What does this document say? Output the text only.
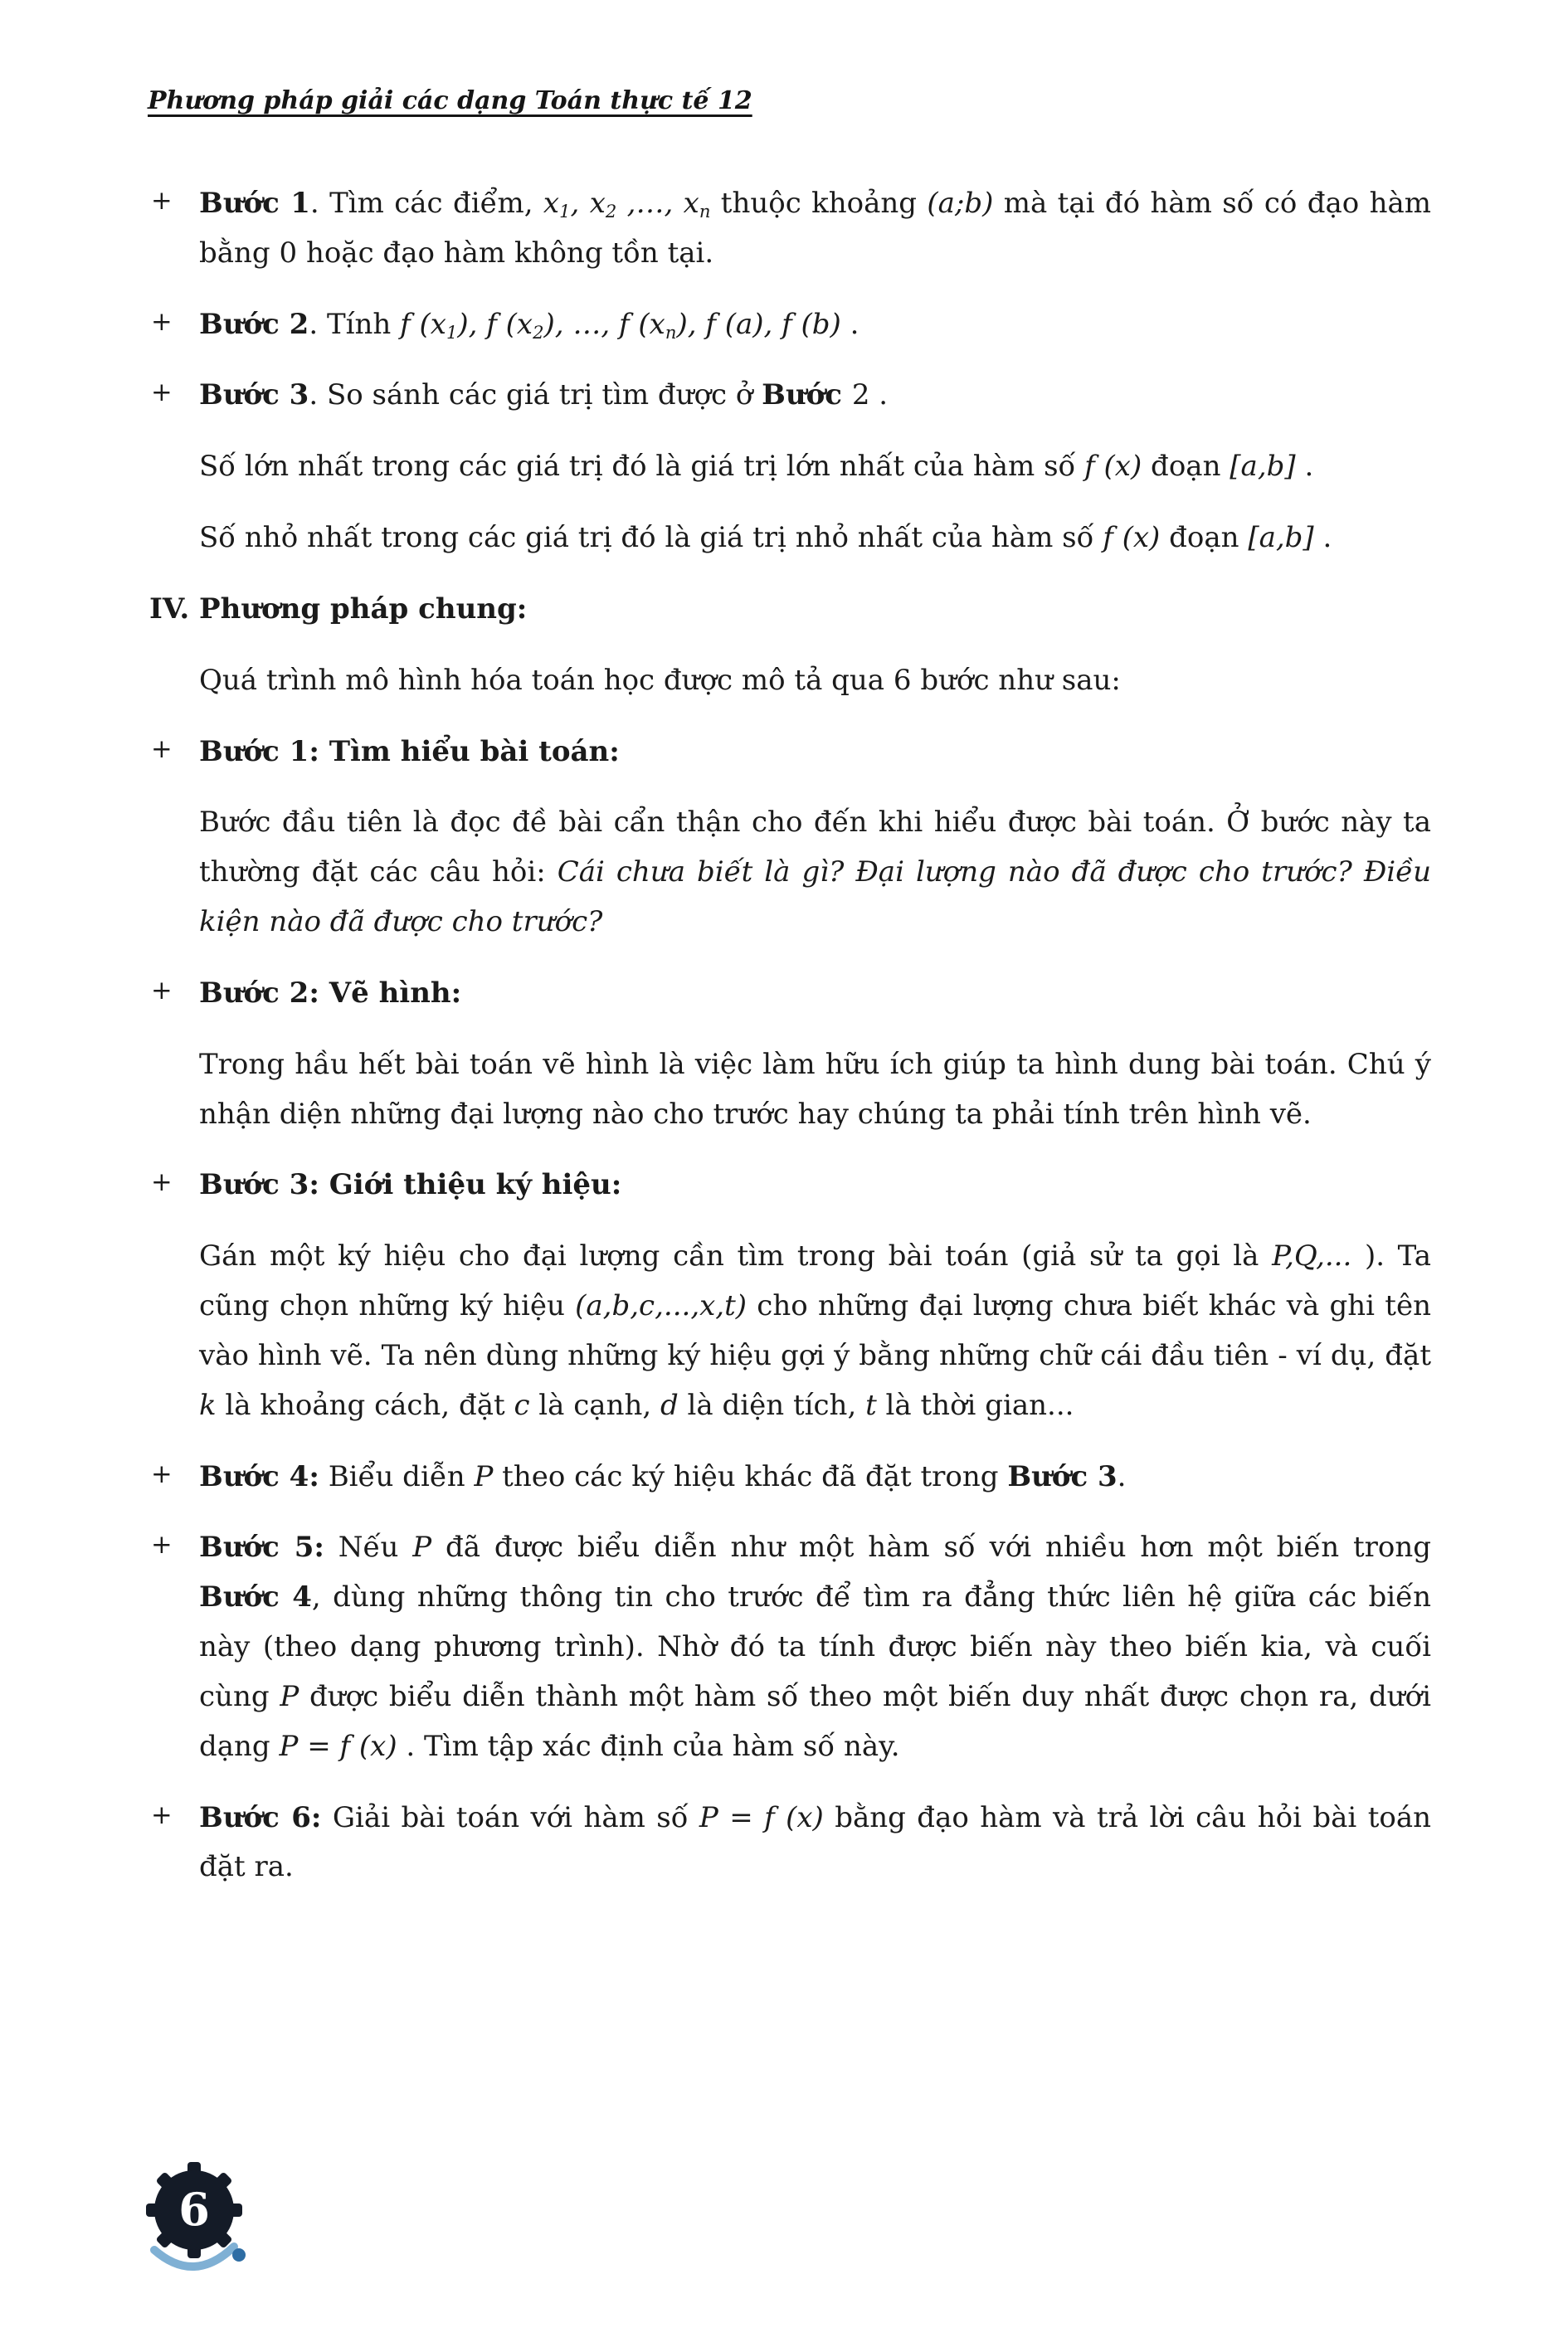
Phương pháp giải các dạng Toán thực tế 12
+ Bước 1. Tìm các điểm, x1, x2 ,…, xn thuộc khoảng (a;b) mà tại đó hàm số có đạo hàm bằng 0 hoặc đạo hàm không tồn tại.
+ Bước 2. Tính f (x1), f (x2), …, f (xn), f (a), f (b) .
+ Bước 3. So sánh các giá trị tìm được ở Bước 2 .
Số lớn nhất trong các giá trị đó là giá trị lớn nhất của hàm số f (x) đoạn [a,b] .
Số nhỏ nhất trong các giá trị đó là giá trị nhỏ nhất của hàm số f (x) đoạn [a,b] .
IV. Phương pháp chung:
Quá trình mô hình hóa toán học được mô tả qua 6 bước như sau:
+ Bước 1: Tìm hiểu bài toán:
Bước đầu tiên là đọc đề bài cẩn thận cho đến khi hiểu được bài toán. Ở bước này ta thường đặt các câu hỏi: Cái chưa biết là gì? Đại lượng nào đã được cho trước? Điều kiện nào đã được cho trước?
+ Bước 2: Vẽ hình:
Trong hầu hết bài toán vẽ hình là việc làm hữu ích giúp ta hình dung bài toán. Chú ý nhận diện những đại lượng nào cho trước hay chúng ta phải tính trên hình vẽ.
+ Bước 3: Giới thiệu ký hiệu:
Gán một ký hiệu cho đại lượng cần tìm trong bài toán (giả sử ta gọi là P,Q,... ). Ta cũng chọn những ký hiệu (a,b,c,...,x,t) cho những đại lượng chưa biết khác và ghi tên vào hình vẽ. Ta nên dùng những ký hiệu gợi ý bằng những chữ cái đầu tiên - ví dụ, đặt k là khoảng cách, đặt c là cạnh, d là diện tích, t là thời gian...
+ Bước 4: Biểu diễn P theo các ký hiệu khác đã đặt trong Bước 3.
+ Bước 5: Nếu P đã được biểu diễn như một hàm số với nhiều hơn một biến trong Bước 4, dùng những thông tin cho trước để tìm ra đẳng thức liên hệ giữa các biến này (theo dạng phương trình). Nhờ đó ta tính được biến này theo biến kia, và cuối cùng P được biểu diễn thành một hàm số theo một biến duy nhất được chọn ra, dưới dạng P = f (x) . Tìm tập xác định của hàm số này.
+ Bước 6: Giải bài toán với hàm số P = f (x) bằng đạo hàm và trả lời câu hỏi bài toán đặt ra.
6
